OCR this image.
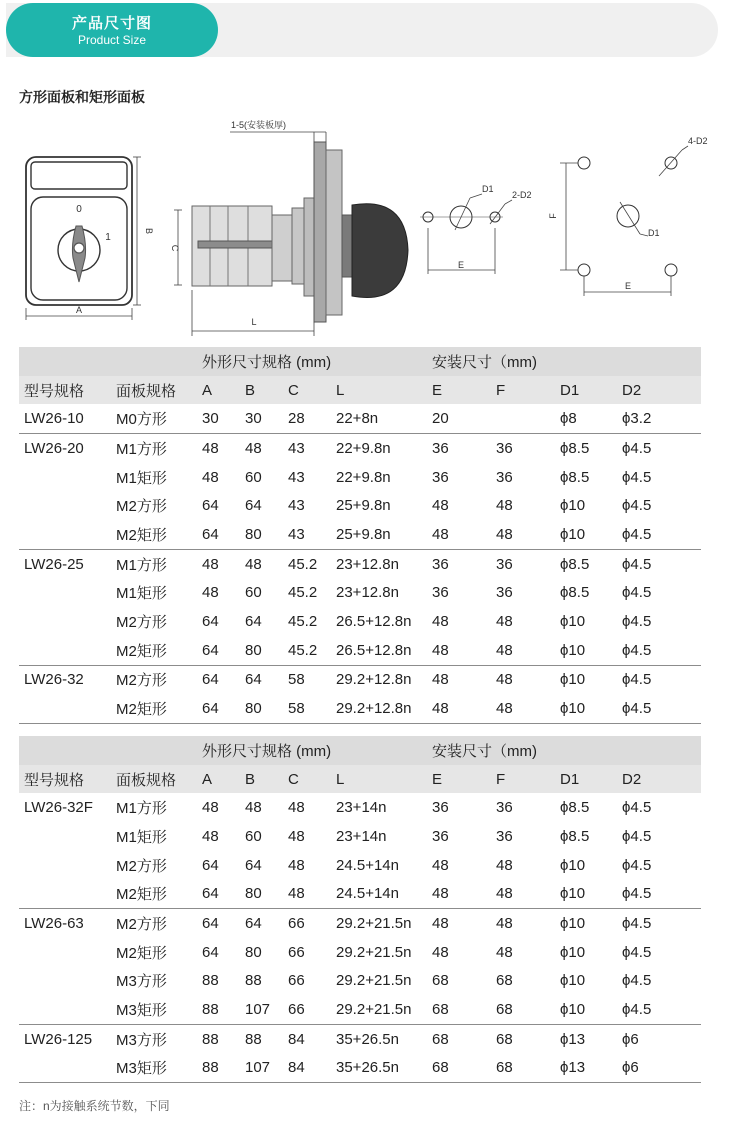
产品尺寸图
Product Size
方形面板和矩形面板
0
1
A
B
1-5(安装板厚)
C
L
D1
2-D2
E
4-D2
D1
F
E
		外形尺寸规格 (mm)				安装尺寸（mm)			
型号规格	面板规格	A	B	C	L	E	F	D1	D2
LW26-10	M0方形	30	30	28	22+8n	20		ϕ8	ϕ3.2
LW26-20	M1方形	48	48	43	22+9.8n	36	36	ϕ8.5	ϕ4.5
	M1矩形	48	60	43	22+9.8n	36	36	ϕ8.5	ϕ4.5
	M2方形	64	64	43	25+9.8n	48	48	ϕ10	ϕ4.5
	M2矩形	64	80	43	25+9.8n	48	48	ϕ10	ϕ4.5
LW26-25	M1方形	48	48	45.2	23+12.8n	36	36	ϕ8.5	ϕ4.5
	M1矩形	48	60	45.2	23+12.8n	36	36	ϕ8.5	ϕ4.5
	M2方形	64	64	45.2	26.5+12.8n	48	48	ϕ10	ϕ4.5
	M2矩形	64	80	45.2	26.5+12.8n	48	48	ϕ10	ϕ4.5
LW26-32	M2方形	64	64	58	29.2+12.8n	48	48	ϕ10	ϕ4.5
	M2矩形	64	80	58	29.2+12.8n	48	48	ϕ10	ϕ4.5
		外形尺寸规格 (mm)				安装尺寸（mm)			
型号规格	面板规格	A	B	C	L	E	F	D1	D2
LW26-32F	M1方形	48	48	48	23+14n	36	36	ϕ8.5	ϕ4.5
	M1矩形	48	60	48	23+14n	36	36	ϕ8.5	ϕ4.5
	M2方形	64	64	48	24.5+14n	48	48	ϕ10	ϕ4.5
	M2矩形	64	80	48	24.5+14n	48	48	ϕ10	ϕ4.5
LW26-63	M2方形	64	64	66	29.2+21.5n	48	48	ϕ10	ϕ4.5
	M2矩形	64	80	66	29.2+21.5n	48	48	ϕ10	ϕ4.5
	M3方形	88	88	66	29.2+21.5n	68	68	ϕ10	ϕ4.5
	M3矩形	88	107	66	29.2+21.5n	68	68	ϕ10	ϕ4.5
LW26-125	M3方形	88	88	84	35+26.5n	68	68	ϕ13	ϕ6
	M3矩形	88	107	84	35+26.5n	68	68	ϕ13	ϕ6
注：n为接触系统节数，下同
